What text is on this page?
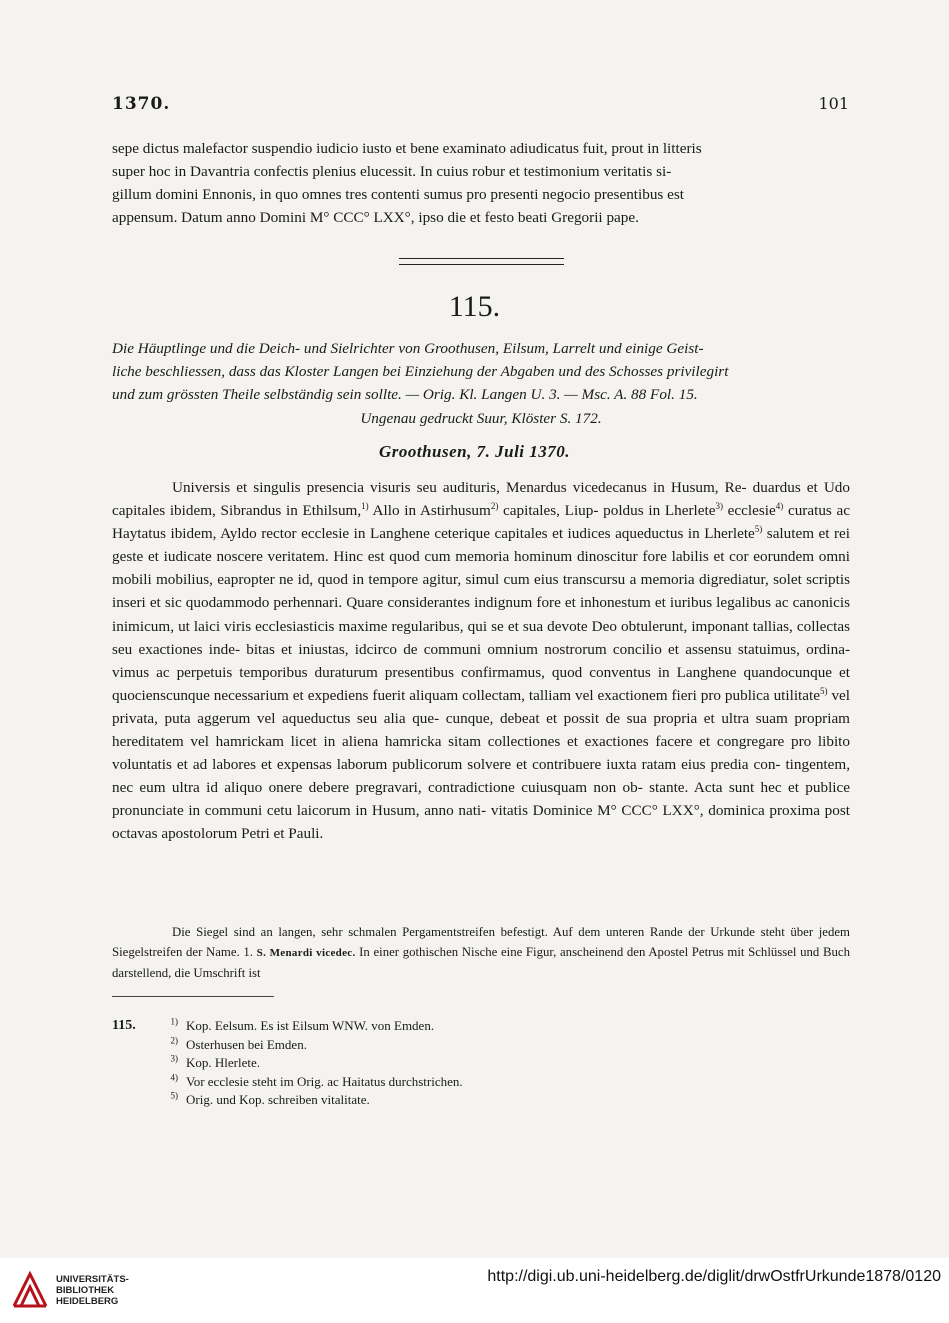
1370.	101

sepe dictus malefactor suspendio iudicio iusto et bene examinato adiudicatus fuit, prout in litteris

super hoc in Davantria confectis plenius elucessit. In cuius robur et testimonium veritatis si-

gillum domini Ennonis, in quo omnes tres contenti sumus pro presenti negocio presentibus est

appensum. Datum anno Domini M° CCC° LXX°, ipso die et festo beati Gregorii pape.

115.
Die Häuptlinge und die Deich- und Sielrichter von Groothusen, Eilsum, Larrelt und einige Geist-
liche beschliessen, dass das Kloster Langen bei Einziehung der Abgaben und des Schosses privilegirt
und zum grössten Theile selbständig sein sollte. — Orig. Kl. Langen U. 3. — Msc. A. 88 Fol. 15.
Ungenau gedruckt Suur, Klöster S. 172.
Groothusen, 7. Juli 1370.

Universis et singulis presencia visuris seu audituris, Menardus vicedecanus in Husum, Re- duardus et Udo capitales ibidem, Sibrandus in Ethilsum,$^{1)}$ Allo in Astirhusum$^{2)}$ capitales, Liup- poldus in Lherlete$^{3)}$ ecclesie$^{4)}$ curatus ac Haytatus ibidem, Ayldo rector ecclesie in Langhene ceterique capitales et iudices aqueductus in Lherlete$^{5)}$ salutem et rei geste et iudicate noscere veritatem. Hinc est quod cum memoria hominum dinoscitur fore labilis et cor eorundem omni mobili mobilius, eapropter ne id, quod in tempore agitur, simul cum eius transcursu a memoria digrediatur, solet scriptis inseri et sic quodammodo perhennari. Quare considerantes indignum fore et inhonestum et iuribus legalibus ac canonicis inimicum, ut laici viris ecclesiasticis maxime regularibus, qui se et sua devote Deo obtulerunt, imponant tallias, collectas seu exactiones inde- bitas et iniustas, idcirco de communi omnium nostrorum concilio et assensu statuimus, ordina- vimus ac perpetuis temporibus duraturum presentibus confirmamus, quod conventus in Langhene quandocunque et quocienscunque necessarium et expediens fuerit aliquam collectam, talliam vel exactionem fieri pro publica utilitate$^{5)}$ vel privata, puta aggerum vel aqueductus seu alia que- cunque, debeat et possit de sua propria et ultra suam propriam hereditatem vel hamrickam licet in aliena hamricka sitam collectiones et exactiones facere et congregare pro libito voluntatis et ad labores et expensas laborum publicorum solvere et contribuere iuxta ratam eius predia con- tingentem, nec eum ultra id aliquo onere debere pregravari, contradictione cuiusquam non ob- stante. Acta sunt hec et publice pronunciate in communi cetu laicorum in Husum, anno nati- vitatis Dominice M° CCC° LXX°, dominica proxima post octavas apostolorum Petri et Pauli.

Die Siegel sind an langen, sehr schmalen Pergamentstreifen befestigt. Auf dem unteren Rande der Urkunde steht über jedem Siegelstreifen der Name. 1. S. Menardi vicedec. In einer gothischen Nische eine Figur, anscheinend den Apostel Petrus mit Schlüssel und Buch darstellend, die Umschrift ist
115.	$^{1)}$ Kop. Eelsum. Es ist Eilsum WNW. von Emden.
$^{2)}$ Osterhusen bei Emden.
$^{3)}$ Kop. Hlerlete.
$^{4)}$ Vor ecclesie steht im Orig. ac Haitatus durchstrichen.
$^{5)}$ Orig. und Kop. schreiben vitalitate.
UNIVERSITÄTS-
BIBLIOTHEK
HEIDELBERG
http://digi.ub.uni-heidelberg.de/diglit/drwOstfrUrkunde1878/0120
